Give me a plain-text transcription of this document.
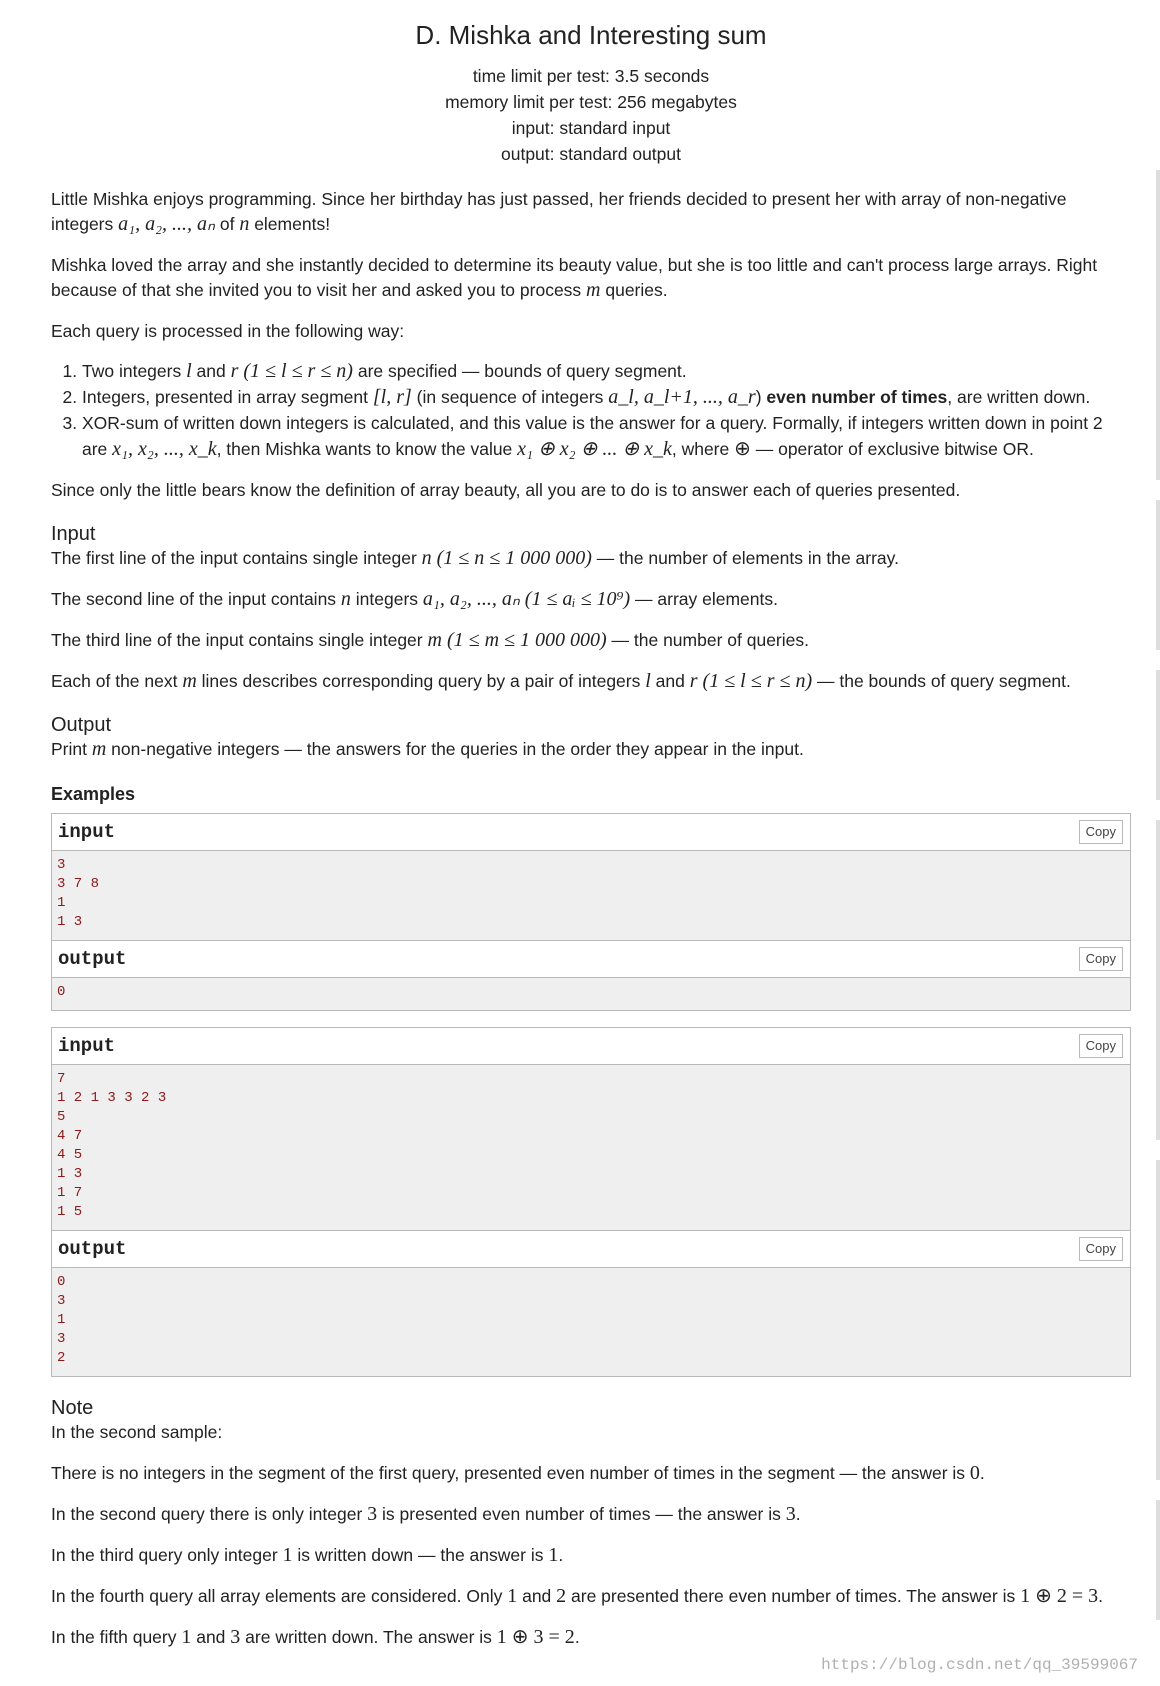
D. Mishka and Interesting sum
time limit per test: 3.5 seconds
memory limit per test: 256 megabytes
input: standard input
output: standard output

Little Mishka enjoys programming. Since her birthday has just passed, her friends decided to present her with array of non-negative integers a₁, a₂, ..., aₙ of n elements!

Mishka loved the array and she instantly decided to determine its beauty value, but she is too little and can't process large arrays. Right because of that she invited you to visit her and asked you to process m queries.

Each query is processed in the following way:

1. Two integers l and r (1 ≤ l ≤ r ≤ n) are specified — bounds of query segment.
2. Integers, presented in array segment [l, r] (in sequence of integers a_l, a_l+1, ..., a_r) even number of times, are written down.
3. XOR-sum of written down integers is calculated, and this value is the answer for a query. Formally, if integers written down in point 2 are x₁, x₂, ..., x_k, then Mishka wants to know the value x₁ ⊕ x₂ ⊕ ... ⊕ x_k, where ⊕ — operator of exclusive bitwise OR.

Since only the little bears know the definition of array beauty, all you are to do is to answer each of queries presented.

Input

The first line of the input contains single integer n (1 ≤ n ≤ 1 000 000) — the number of elements in the array.

The second line of the input contains n integers a₁, a₂, ..., aₙ (1 ≤ aᵢ ≤ 10⁹) — array elements.

The third line of the input contains single integer m (1 ≤ m ≤ 1 000 000) — the number of queries.

Each of the next m lines describes corresponding query by a pair of integers l and r (1 ≤ l ≤ r ≤ n) — the bounds of query segment.

Output

Print m non-negative integers — the answers for the queries in the order they appear in the input.

Examples
input	Copy
3
3 7 8
1
1 3
output	Copy
0
input	Copy
7
1 2 1 3 3 2 3
5
4 7
4 5
1 3
1 7
1 5
output	Copy
0
3
1
3
2
Note

In the second sample:

There is no integers in the segment of the first query, presented even number of times in the segment — the answer is 0.

In the second query there is only integer 3 is presented even number of times — the answer is 3.

In the third query only integer 1 is written down — the answer is 1.

In the fourth query all array elements are considered. Only 1 and 2 are presented there even number of times. The answer is 1 ⊕ 2 = 3.

In the fifth query 1 and 3 are written down. The answer is 1 ⊕ 3 = 2.

https://blog.csdn.net/qq_39599067
